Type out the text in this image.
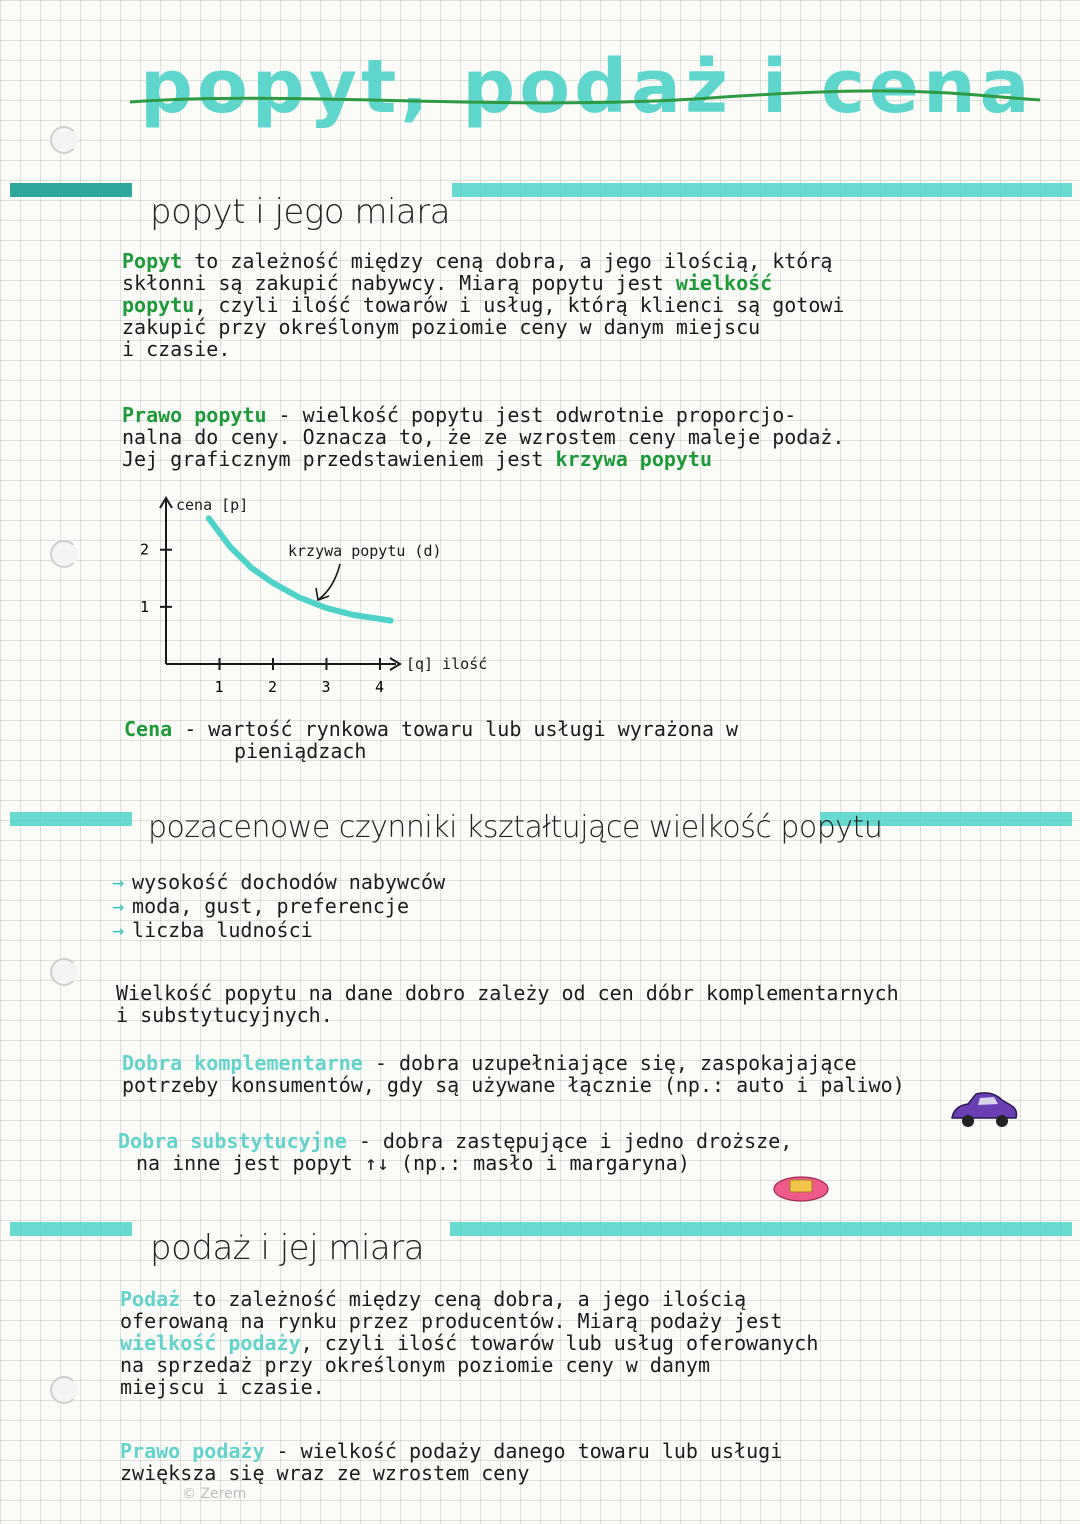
popyt, podaż i cena
popyt i jego miara
Popyt to zależność między ceną dobra, a jego ilością, którą
skłonni są zakupić nabywcy. Miarą popytu jest wielkość
popytu, czyli ilość towarów i usług, którą klienci są gotowi
zakupić przy określonym poziomie ceny w danym miejscu
i czasie.
Prawo popytu - wielkość popytu jest odwrotnie proporcjo-
nalna do ceny. Oznacza to, że ze wzrostem ceny maleje podaż.
Jej graficznym przedstawieniem jest krzywa popytu
cena [p]
[q] ilość
1	2	3	4
1
2	krzywa popytu (d)
Cena - wartość rynkowa towaru lub usługi wyrażona w
pieniądzach
pozacenowe czynniki kształtujące wielkość popytu
→ wysokość dochodów nabywców
→ moda, gust, preferencje
→ liczba ludności
Wielkość popytu na dane dobro zależy od cen dóbr komplementarnych
i substytucyjnych.
Dobra komplementarne - dobra uzupełniające się, zaspokajające
potrzeby konsumentów, gdy są używane łącznie (np.: auto i paliwo)
Dobra substytucyjne - dobra zastępujące i jedno droższe,
na inne jest popyt ↑↓ (np.: masło i margaryna)
podaż i jej miara
Podaż to zależność między ceną dobra, a jego ilością
oferowaną na rynku przez producentów. Miarą podaży jest
wielkość podaży, czyli ilość towarów lub usług oferowanych
na sprzedaż przy określonym poziomie ceny w danym
miejscu i czasie.
Prawo podaży - wielkość podaży danego towaru lub usługi
zwiększa się wraz ze wzrostem ceny
© Zerem
